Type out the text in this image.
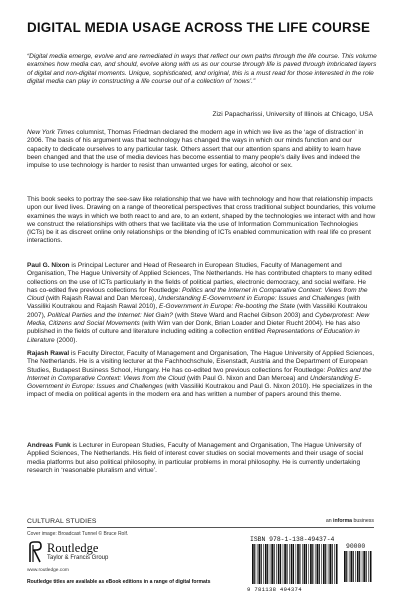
DIGITAL MEDIA USAGE ACROSS THE LIFE COURSE
“Digital media emerge, evolve and are remediated in ways that reflect our own paths through the life course. This volume examines how media can, and should, evolve along with us as our course through life is paved through imbricated layers of digital and non-digital moments. Unique, sophisticated, and original, this is a must read for those interested in the role digital media can play in constructing a life course out of a collection of ‘nows’.”
Zizi Papacharissi, University of Illinois at Chicago, USA

New York Times columnist, Thomas Friedman declared the modern age in which we live as the ‘age of distraction’ in 2006. The basis of his argument was that technology has changed the ways in which our minds function and our capacity to dedicate ourselves to any particular task. Others assert that our attention spans and ability to learn have been changed and that the use of media devices has become essential to many people’s daily lives and indeed the impulse to use technology is harder to resist than unwanted urges for eating, alcohol or sex.

This book seeks to portray the see-saw like relationship that we have with technology and how that relationship impacts upon our lived lives. Drawing on a range of theoretical perspectives that cross traditional subject boundaries, this volume examines the ways in which we both react to and are, to an extent, shaped by the technologies we interact with and how we construct the relationships with others that we facilitate via the use of Information Communication Technologies (ICTs) be it as discreet online only relationships or the blending of ICTs enabled communication with real life co present interactions.

Paul G. Nixon is Principal Lecturer and Head of Research in European Studies, Faculty of Management and Organisation, The Hague University of Applied Sciences, The Netherlands. He has contributed chapters to many edited collections on the use of ICTs particularly in the fields of political parties, electronic democracy, and social welfare. He has co-edited five previous collections for Routledge: Politics and the Internet in Comparative Context: Views from the Cloud (with Rajash Rawal and Dan Mercea), Understanding E-Government in Europe: Issues and Challenges (with Vassiliki Koutrakou and Rajash Rawal 2010), E-Government in Europe: Re-booting the State (with Vassiliki Koutrakou 2007), Political Parties and the Internet: Net Gain? (with Steve Ward and Rachel Gibson 2003) and Cyberprotest: New Media, Citizens and Social Movements (with Wim van der Donk, Brian Loader and Dieter Rucht 2004). He has also published in the fields of culture and literature including editing a collection entitled Representations of Education in Literature (2000).

Rajash Rawal is Faculty Director, Faculty of Management and Organisation, The Hague University of Applied Sciences, The Netherlands. He is a visiting lecturer at the Fachhochschule, Eisenstadt, Austria and the Department of European Studies, Budapest Business School, Hungary. He has co-edited two previous collections for Routledge: Politics and the Internet in Comparative Context: Views from the Cloud (with Paul G. Nixon and Dan Mercea) and Understanding E-Government in Europe: Issues and Challenges (with Vassiliki Koutrakou and Paul G. Nixon 2010). He specializes in the impact of media on political agents in the modern era and has written a number of papers around this theme.

Andreas Funk is Lecturer in European Studies, Faculty of Management and Organisation, The Hague University of Applied Sciences, The Netherlands. His field of interest cover studies on social movements and their usage of social media platforms but also political philosophy, in particular problems in moral philosophy. He is currently undertaking research in ‘reasonable pluralism and virtue’.

CULTURAL STUDIES	an informa business
Cover image: Broadcast Tunnel © Bruce Rolf.
Routledge
Taylor & Francis Group
www.routledge.com
Routledge titles are available as eBook editions in a range of digital formats
ISBN 978-1-138-49437-4
90000
9 781138 494374
